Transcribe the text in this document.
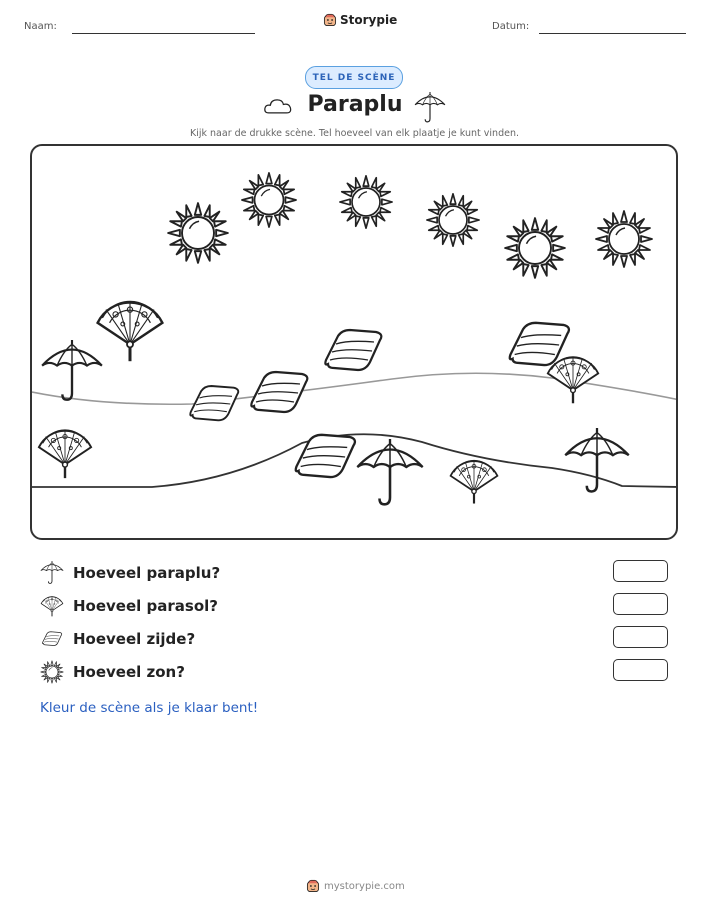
Naam:	Storypie	Datum:
TEL DE SCÈNE
Paraplu
Kijk naar de drukke scène. Tel hoeveel van elk plaatje je kunt vinden.
Hoeveel paraplu?
Hoeveel parasol?
Hoeveel zijde?
Hoeveel zon?
Kleur de scène als je klaar bent!
mystorypie.com
